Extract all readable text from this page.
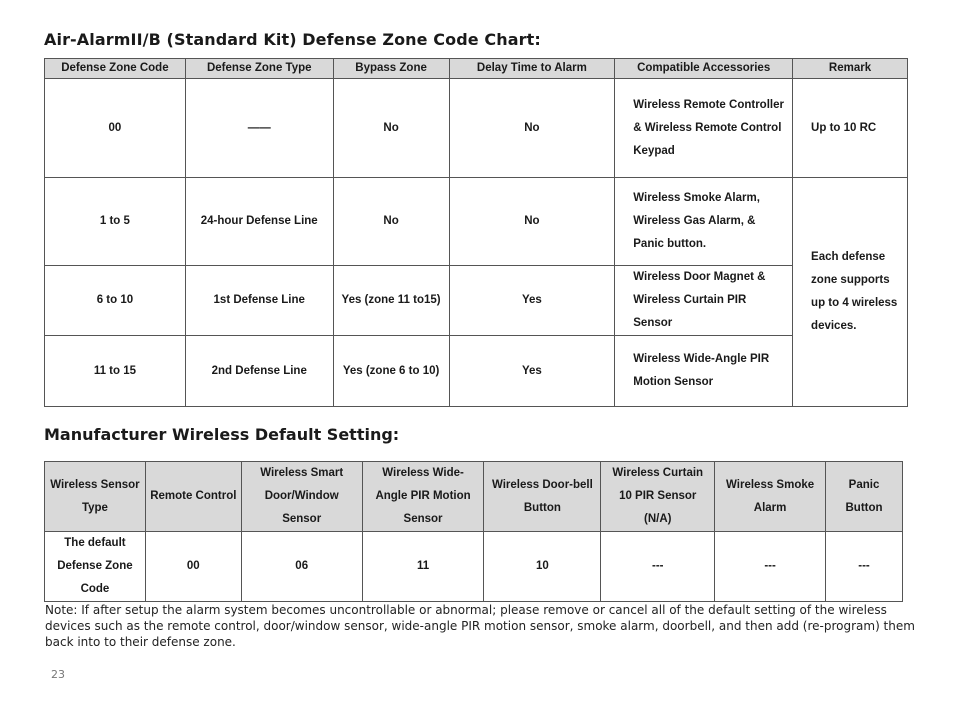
Air-AlarmII/B (Standard Kit) Defense Zone Code Chart:
Defense Zone Code	Defense Zone Type	Bypass Zone	Delay Time to Alarm	Compatible Accessories	Remark
00	——	No	No	Wireless Remote Controller & Wireless Remote Control Keypad	Up to 10 RC
1 to 5	24-hour Defense Line	No	No	Wireless Smoke Alarm, Wireless Gas Alarm, & Panic button.	Each defense zone supports up to 4 wireless devices.
6 to 10	1st Defense Line	Yes (zone 11 to15)	Yes	Wireless Door Magnet & Wireless Curtain PIR Sensor	
11 to 15	2nd Defense Line	Yes (zone 6 to 10)	Yes	Wireless Wide-Angle PIR Motion Sensor	
Manufacturer Wireless Default Setting:
Wireless Sensor Type	Remote Control	Wireless Smart Door/Window Sensor	Wireless Wide-Angle PIR Motion Sensor	Wireless Door-bell Button	Wireless Curtain 10 PIR Sensor (N/A)	Wireless Smoke Alarm	Panic Button
The default Defense Zone Code	00	06	11	10	---	---	---

Note: If after setup the alarm system becomes uncontrollable or abnormal; please remove or cancel all of the default setting of the wireless devices such as the remote control, door/window sensor, wide-angle PIR motion sensor, smoke alarm, doorbell, and then add (re-program) them back into to their defense zone.

23
